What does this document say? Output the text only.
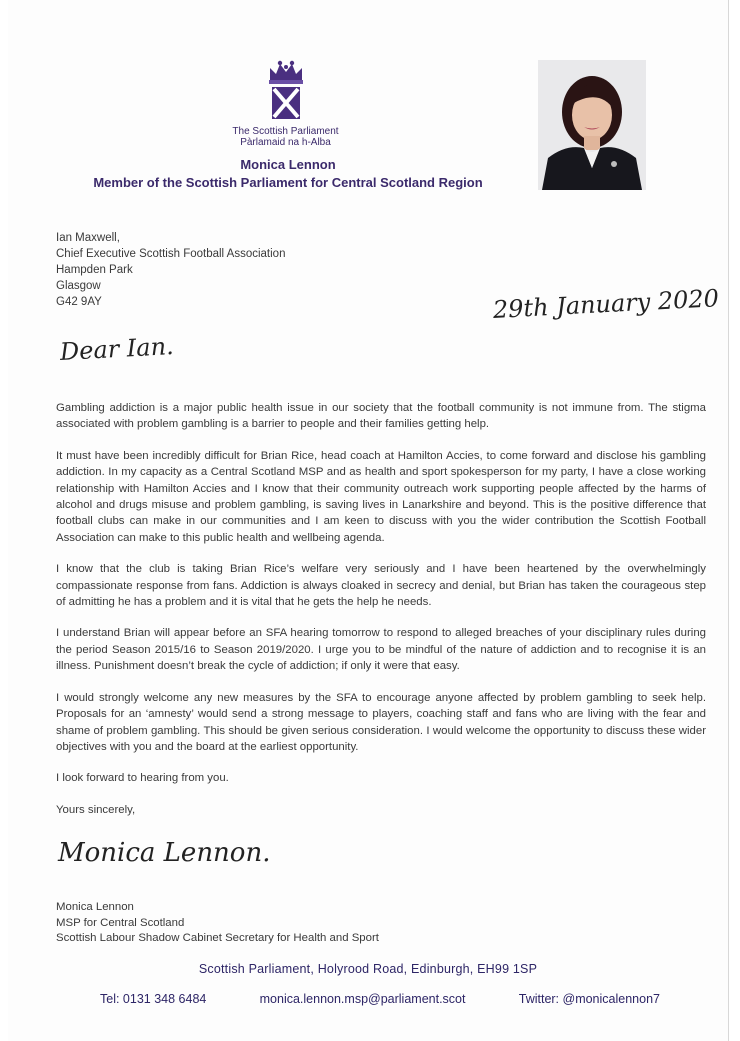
The Scottish Parliament
Pàrlamaid na h-Alba
Monica Lennon
Member of the Scottish Parliament for Central Scotland Region
Ian Maxwell,
Chief Executive Scottish Football Association
Hampden Park
Glasgow
G42 9AY	29th January 2020
Dear Ian.

Gambling addiction is a major public health issue in our society that the football community is not immune from. The stigma associated with problem gambling is a barrier to people and their families getting help.

It must have been incredibly difficult for Brian Rice, head coach at Hamilton Accies, to come forward and disclose his gambling addiction. In my capacity as a Central Scotland MSP and as health and sport spokesperson for my party, I have a close working relationship with Hamilton Accies and I know that their community outreach work supporting people affected by the harms of alcohol and drugs misuse and problem gambling, is saving lives in Lanarkshire and beyond. This is the positive difference that football clubs can make in our communities and I am keen to discuss with you the wider contribution the Scottish Football Association can make to this public health and wellbeing agenda.

I know that the club is taking Brian Rice’s welfare very seriously and I have been heartened by the overwhelmingly compassionate response from fans. Addiction is always cloaked in secrecy and denial, but Brian has taken the courageous step of admitting he has a problem and it is vital that he gets the help he needs.

I understand Brian will appear before an SFA hearing tomorrow to respond to alleged breaches of your disciplinary rules during the period Season 2015/16 to Season 2019/2020. I urge you to be mindful of the nature of addiction and to recognise it is an illness. Punishment doesn’t break the cycle of addiction; if only it were that easy.

I would strongly welcome any new measures by the SFA to encourage anyone affected by problem gambling to seek help. Proposals for an ‘amnesty’ would send a strong message to players, coaching staff and fans who are living with the fear and shame of problem gambling. This should be given serious consideration. I would welcome the opportunity to discuss these wider objectives with you and the board at the earliest opportunity.

I look forward to hearing from you.

Yours sincerely,

Monica Lennon.
Monica Lennon
MSP for Central Scotland
Scottish Labour Shadow Cabinet Secretary for Health and Sport
Scottish Parliament, Holyrood Road, Edinburgh, EH99 1SP
Tel: 0131 348 6484	monica.lennon.msp@parliament.scot	Twitter: @monicalennon7
